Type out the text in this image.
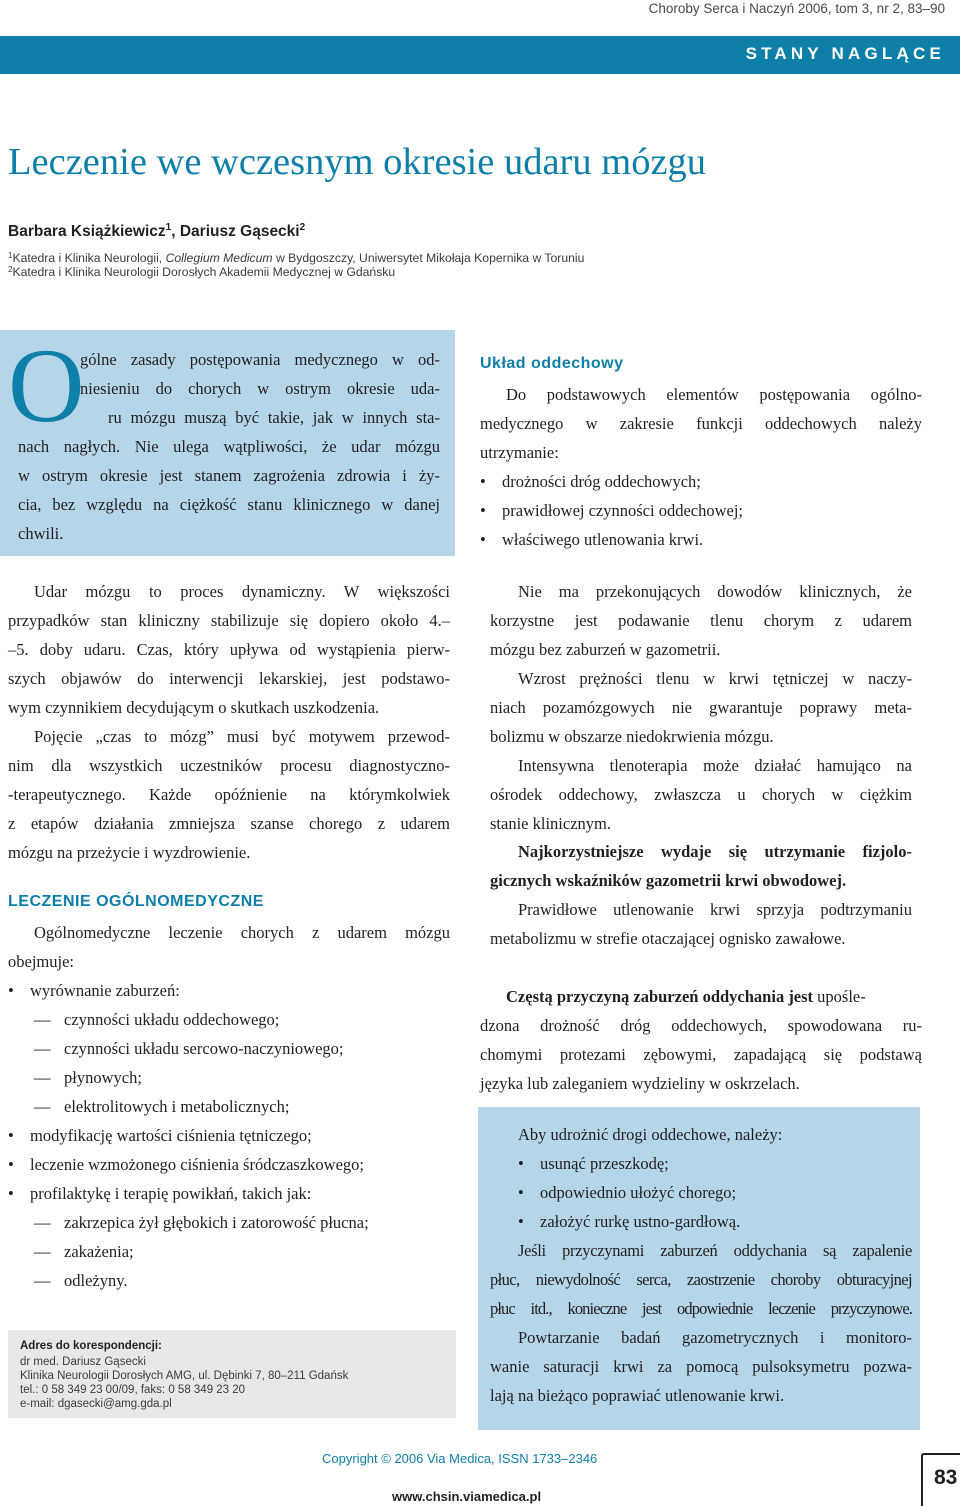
Choroby Serca i Naczyń 2006, tom 3, nr 2, 83–90
STANY NAGLĄCE
Leczenie we wczesnym okresie udaru mózgu
Barbara Książkiewicz$^1$, Dariusz Gąsecki$^2$
$^1$Katedra i Klinika Neurologii, Collegium Medicum w Bydgoszczy, Uniwersytet Mikołaja Kopernika w Toruniu
$^2$Katedra i Klinika Neurologii Dorosłych Akademii Medycznej w Gdańsku
O
gólne zasady postępowania medycznego w od-
niesieniu do chorych w ostrym okresie uda-
ru mózgu muszą być takie, jak w innych sta-
nach nagłych. Nie ulega wątpliwości, że udar mózgu
w ostrym okresie jest stanem zagrożenia zdrowia i ży-
cia, bez względu na ciężkość stanu klinicznego w danej
chwili.
Udar mózgu to proces dynamiczny. W większości
przypadków stan kliniczny stabilizuje się dopiero około 4.–
–5. doby udaru. Czas, który upływa od wystąpienia pierw-
szych objawów do interwencji lekarskiej, jest podstawo-
wym czynnikiem decydującym o skutkach uszkodzenia.
Pojęcie „czas to mózg” musi być motywem przewod-
nim dla wszystkich uczestników procesu diagnostyczno-
-terapeutycznego. Każde opóźnienie na którymkolwiek
z etapów działania zmniejsza szanse chorego z udarem
mózgu na przeżycie i wyzdrowienie.
LECZENIE OGÓLNOMEDYCZNE
Ogólnomedyczne leczenie chorych z udarem mózgu
obejmuje:
• wyrównanie zaburzeń:
— czynności układu oddechowego;
— czynności układu sercowo-naczyniowego;
— płynowych;
— elektrolitowych i metabolicznych;
• modyfikację wartości ciśnienia tętniczego;
• leczenie wzmożonego ciśnienia śródczaszkowego;
• profilaktykę i terapię powikłań, takich jak:
— zakrzepica żył głębokich i zatorowość płucna;
— zakażenia;
— odleżyny.
Adres do korespondencji:
dr med. Dariusz Gąsecki
Klinika Neurologii Dorosłych AMG, ul. Dębinki 7, 80–211 Gdańsk
tel.: 0 58 349 23 00/09, faks: 0 58 349 23 20
e-mail: dgasecki@amg.gda.pl
Układ oddechowy
Do podstawowych elementów postępowania ogólno-
medycznego w zakresie funkcji oddechowych należy
utrzymanie:
• drożności dróg oddechowych;
• prawidłowej czynności oddechowej;
• właściwego utlenowania krwi.
Nie ma przekonujących dowodów klinicznych, że
korzystne jest podawanie tlenu chorym z udarem
mózgu bez zaburzeń w gazometrii.
Wzrost prężności tlenu w krwi tętniczej w naczy-
niach pozamózgowych nie gwarantuje poprawy meta-
bolizmu w obszarze niedokrwienia mózgu.
Intensywna tlenoterapia może działać hamująco na
ośrodek oddechowy, zwłaszcza u chorych w ciężkim
stanie klinicznym.
Najkorzystniejsze wydaje się utrzymanie fizjolo-
gicznych wskaźników gazometrii krwi obwodowej.
Prawidłowe utlenowanie krwi sprzyja podtrzymaniu
metabolizmu w strefie otaczającej ognisko zawałowe.
Częstą przyczyną zaburzeń oddychania jest upośle-
dzona drożność dróg oddechowych, spowodowana ru-
chomymi protezami zębowymi, zapadającą się podstawą
języka lub zaleganiem wydzieliny w oskrzelach.
Aby udrożnić drogi oddechowe, należy:
• usunąć przeszkodę;
• odpowiednio ułożyć chorego;
• założyć rurkę ustno-gardłową.
Jeśli przyczynami zaburzeń oddychania są zapalenie
płuc, niewydolność serca, zaostrzenie choroby obturacyjnej
płuc itd., konieczne jest odpowiednie leczenie przyczynowe.
Powtarzanie badań gazometrycznych i monitoro-
wanie saturacji krwi za pomocą pulsoksymetru pozwa-
lają na bieżąco poprawiać utlenowanie krwi.
Copyright © 2006 Via Medica, ISSN 1733–2346
www.chsin.viamedica.pl
83
